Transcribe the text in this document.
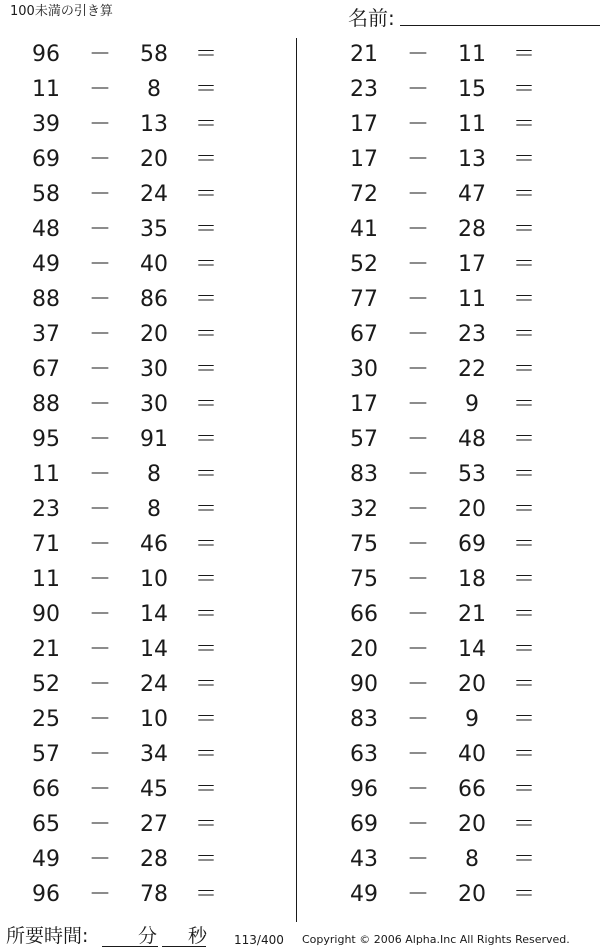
100未満の引き算	名前:
96 －	58	＝
11 －	8	＝
39 －	13	＝
69 －	20	＝
58 －	24	＝
48 －	35	＝
49 －	40	＝
88 －	86	＝
37 －	20	＝
67 －	30	＝
88 －	30	＝
95 －	91	＝
11 －	8	＝
23 －	8	＝
71 －	46	＝
11 －	10	＝
90 －	14	＝
21 －	14	＝
52 －	24	＝
25 －	10	＝
57 －	34	＝
66 －	45	＝
65 －	27	＝
49 －	28	＝
96 －	78	＝
21 －	11	＝
23 －	15	＝
17 －	11	＝
17 －	13	＝
72 －	47	＝
41 －	28	＝
52 －	17	＝
77 －	11	＝
67 －	23	＝
30 －	22	＝
17 －	9	＝
57 －	48	＝
83 －	53	＝
32 －	20	＝
75 －	69	＝
75 －	18	＝
66 －	21	＝
20 －	14	＝
90 －	20	＝
83 －	9	＝
63 －	40	＝
96 －	66	＝
69 －	20	＝
43 －	8	＝
49 －	20	＝
所要時間:	分 秒 113/400 Copyright © 2006 Alpha.Inc All Rights Reserved.
